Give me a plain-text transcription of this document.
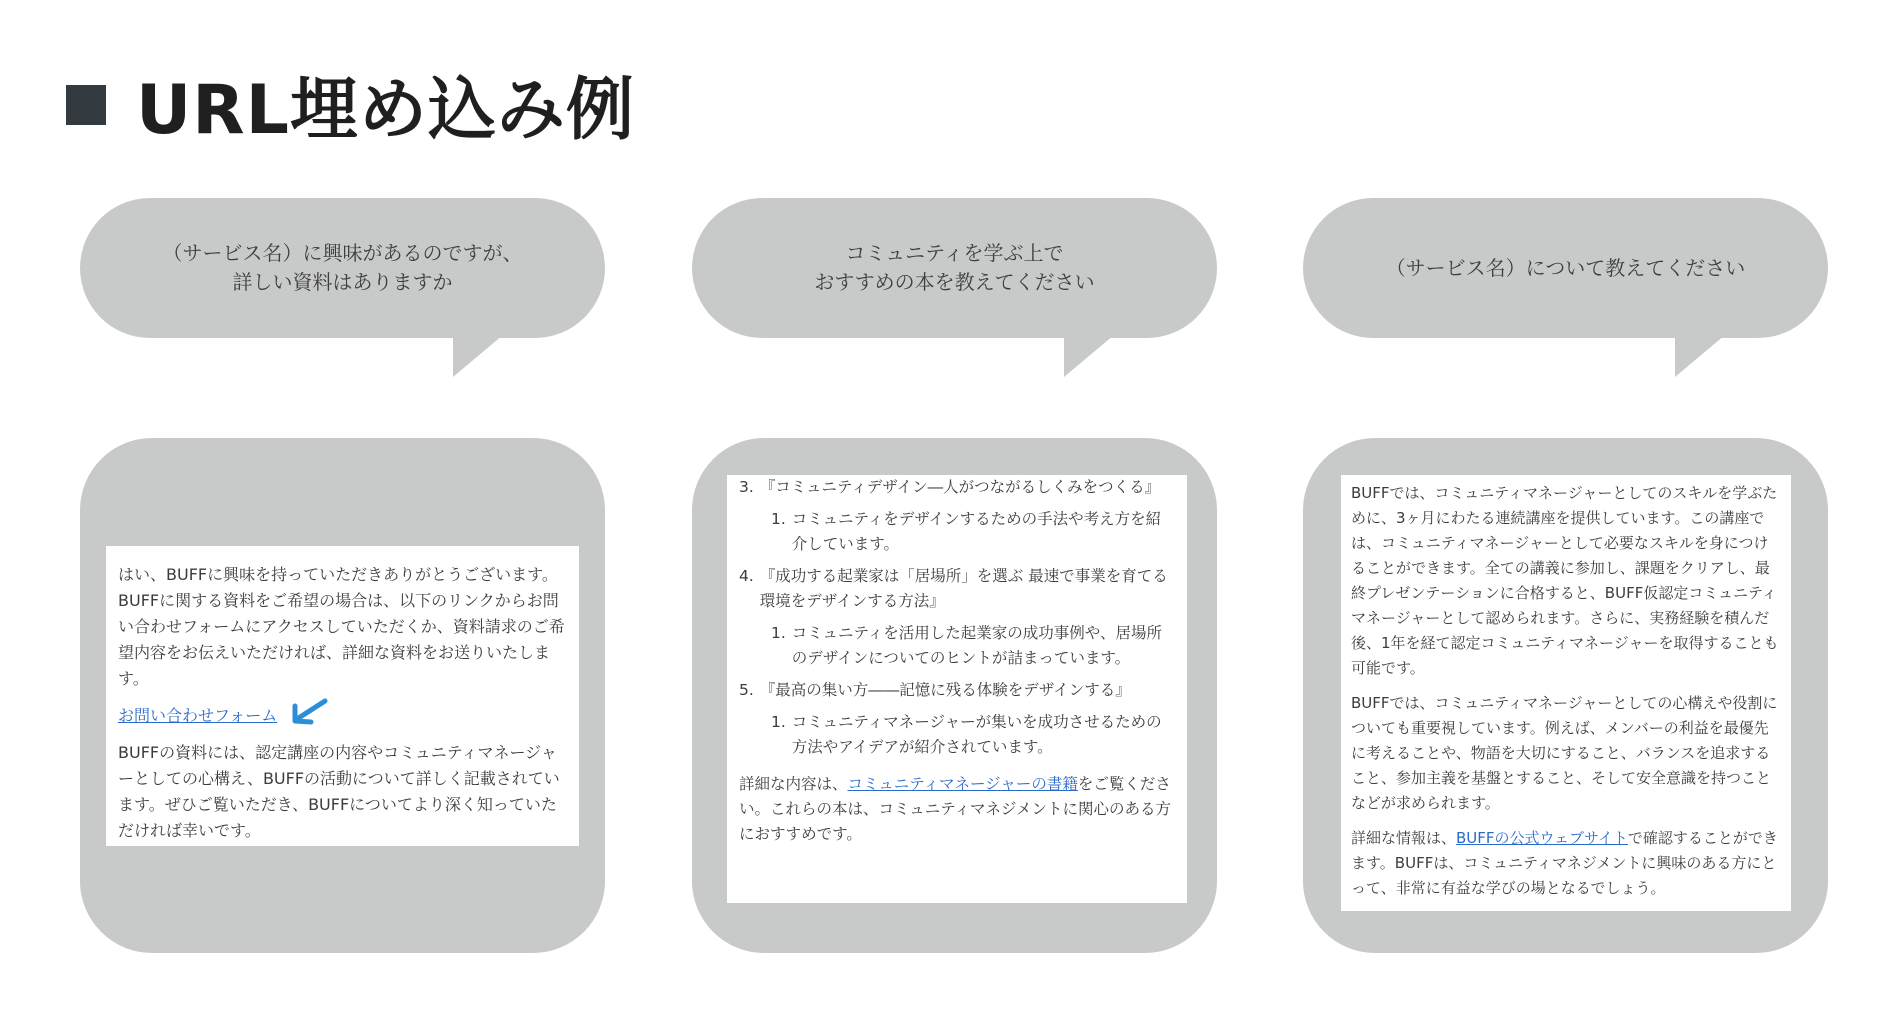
URL埋め込み例
（サービス名）に興味があるのですが、
詳しい資料はありますか

はい、BUFFに興味を持っていただきありがとうございます。BUFFに関する資料をご希望の場合は、以下のリンクからお問い合わせフォームにアクセスしていただくか、資料請求のご希望内容をお伝えいただければ、詳細な資料をお送りいたします。

お問い合わせフォーム

BUFFの資料には、認定講座の内容やコミュニティマネージャーとしての心構え、BUFFの活動について詳しく記載されています。ぜひご覧いただき、BUFFについてより深く知っていただければ幸いです。

コミュニティを学ぶ上で
おすすめの本を教えてください
3. 『コミュニティデザイン―人がつながるしくみをつくる』
1. コミュニティをデザインするための手法や考え方を紹介しています。
4. 『成功する起業家は「居場所」を選ぶ 最速で事業を育てる環境をデザインする方法』
1. コミュニティを活用した起業家の成功事例や、居場所のデザインについてのヒントが詰まっています。
5. 『最高の集い方――記憶に残る体験をデザインする』
1. コミュニティマネージャーが集いを成功させるための方法やアイデアが紹介されています。

詳細な内容は、コミュニティマネージャーの書籍をご覧ください。これらの本は、コミュニティマネジメントに関心のある方におすすめです。

（サービス名）について教えてください

BUFFでは、コミュニティマネージャーとしてのスキルを学ぶために、3ヶ月にわたる連続講座を提供しています。この講座では、コミュニティマネージャーとして必要なスキルを身につけることができます。全ての講義に参加し、課題をクリアし、最終プレゼンテーションに合格すると、BUFF仮認定コミュニティマネージャーとして認められます。さらに、実務経験を積んだ後、1年を経て認定コミュニティマネージャーを取得することも可能です。

BUFFでは、コミュニティマネージャーとしての心構えや役割についても重要視しています。例えば、メンバーの利益を最優先に考えることや、物語を大切にすること、バランスを追求すること、参加主義を基盤とすること、そして安全意識を持つことなどが求められます。

詳細な情報は、BUFFの公式ウェブサイトで確認することができます。BUFFは、コミュニティマネジメントに興味のある方にとって、非常に有益な学びの場となるでしょう。
